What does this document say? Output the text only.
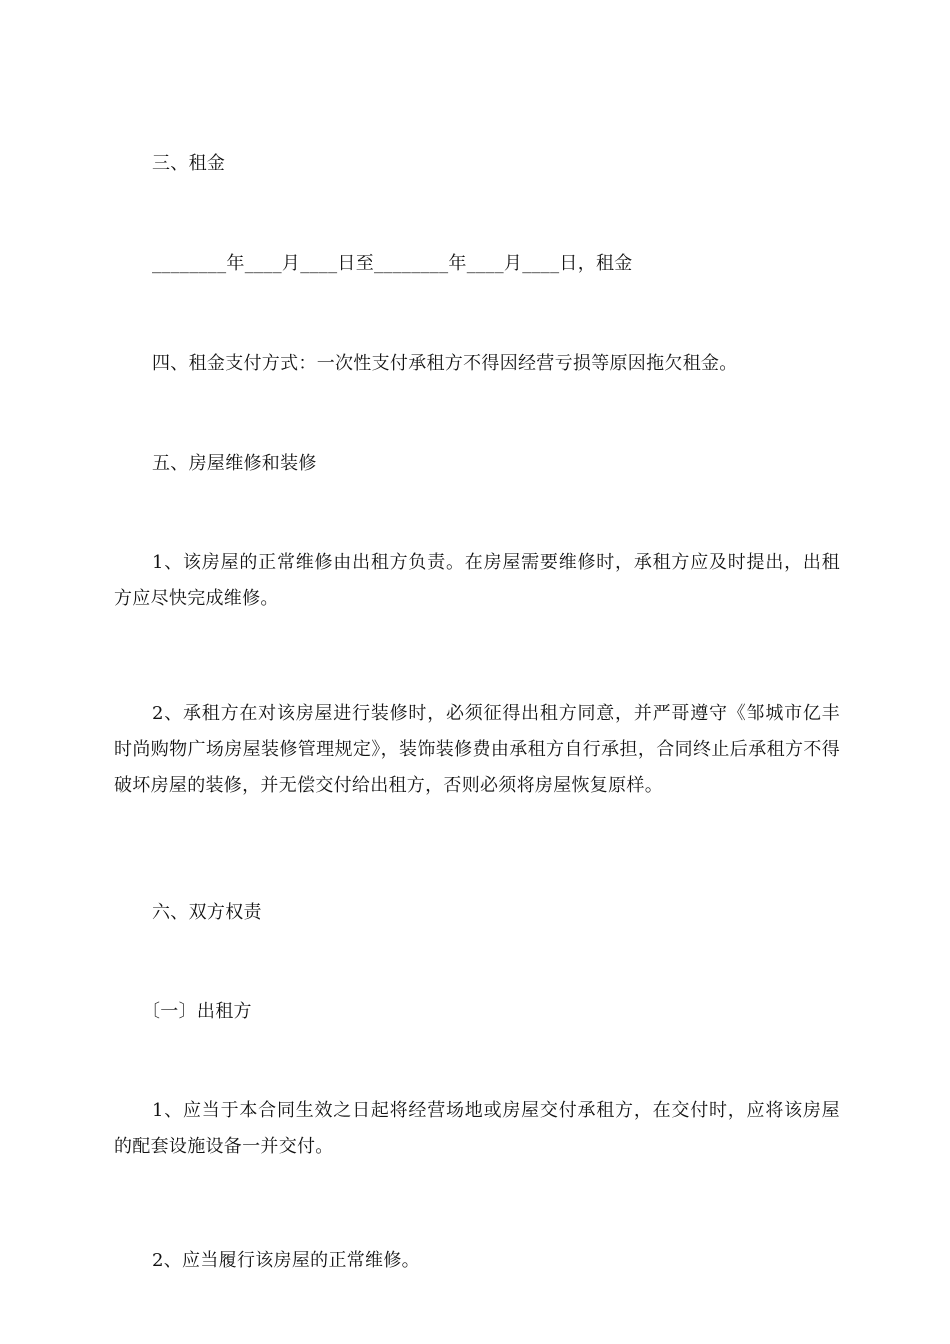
三、租金

________年____月____日至________年____月____日，租金

四、租金支付方式：一次性支付承租方不得因经营亏损等原因拖欠租金。

五、房屋维修和装修

1、该房屋的正常维修由出租方负责。在房屋需要维修时，承租方应及时提出，出租方应尽快完成维修。

2、承租方在对该房屋进行装修时，必须征得出租方同意，并严哥遵守《邹城市亿丰时尚购物广场房屋装修管理规定》，装饰装修费由承租方自行承担，合同终止后承租方不得破坏房屋的装修，并无偿交付给出租方，否则必须将房屋恢复原样。

六、双方权责

〔一〕出租方

1、应当于本合同生效之日起将经营场地或房屋交付承租方，在交付时，应将该房屋的配套设施设备一并交付。

2、应当履行该房屋的正常维修。
